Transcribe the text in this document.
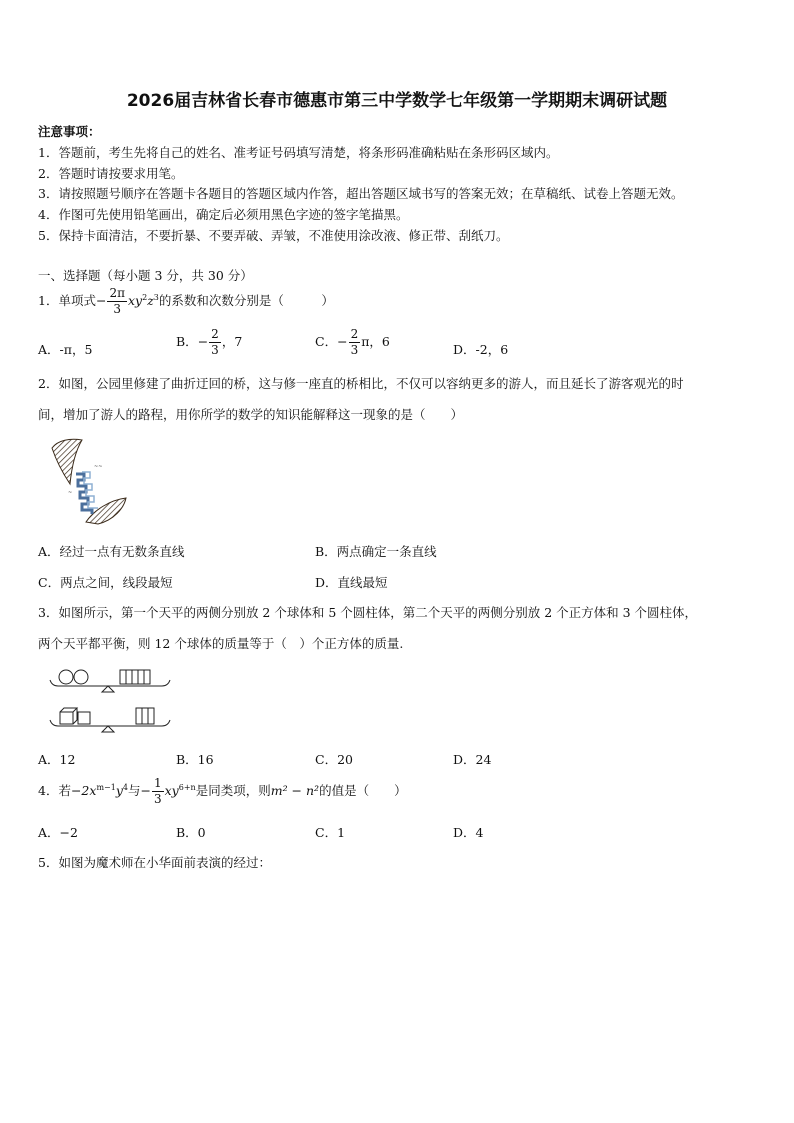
2026届吉林省长春市德惠市第三中学数学七年级第一学期期末调研试题
注意事项：
1．答题前，考生先将自己的姓名、准考证号码填写清楚，将条形码准确粘贴在条形码区域内。
2．答题时请按要求用笔。
3．请按照题号顺序在答题卡各题目的答题区域内作答，超出答题区域书写的答案无效；在草稿纸、试卷上答题无效。
4．作图可先使用铅笔画出，确定后必须用黑色字迹的签字笔描黑。
5．保持卡面清洁，不要折暴、不要弄破、弄皱，不准使用涂改液、修正带、刮纸刀。
一、选择题（每小题 3 分，共 30 分）
1．单项式− $\frac{2\pi}{3} xy^2z^3$的系数和次数分别是（　　　）
A．-π，5
B．− $\frac{2}{3}$ ，7	C．− $\frac{2}{3}$ π，6
D．-2，6
2．如图，公园里修建了曲折迂回的桥，这与修一座直的桥相比，不仅可以容纳更多的游人，而且延长了游客观光的时
间，增加了游人的路程，用你所学的数学的知识能解释这一现象的是（　　）
~~
~
A．经过一点有无数条直线	B．两点确定一条直线
C．两点之间，线段最短	D．直线最短
3．如图所示，第一个天平的两侧分别放 2 个球体和 5 个圆柱体，第二个天平的两侧分别放 2 个正方体和 3 个圆柱体，
两个天平都平衡，则 12 个球体的质量等于（　）个正方体的质量.
A．12	B．16	C．20	D．24
4．若$-2x^{m-1}y^4$与− $\frac{1}{3} xy^{6+n}$是同类项，则m² − n²的值是（　　）
A．−2	B．0	C．1	D．4
5．如图为魔术师在小华面前表演的经过：
